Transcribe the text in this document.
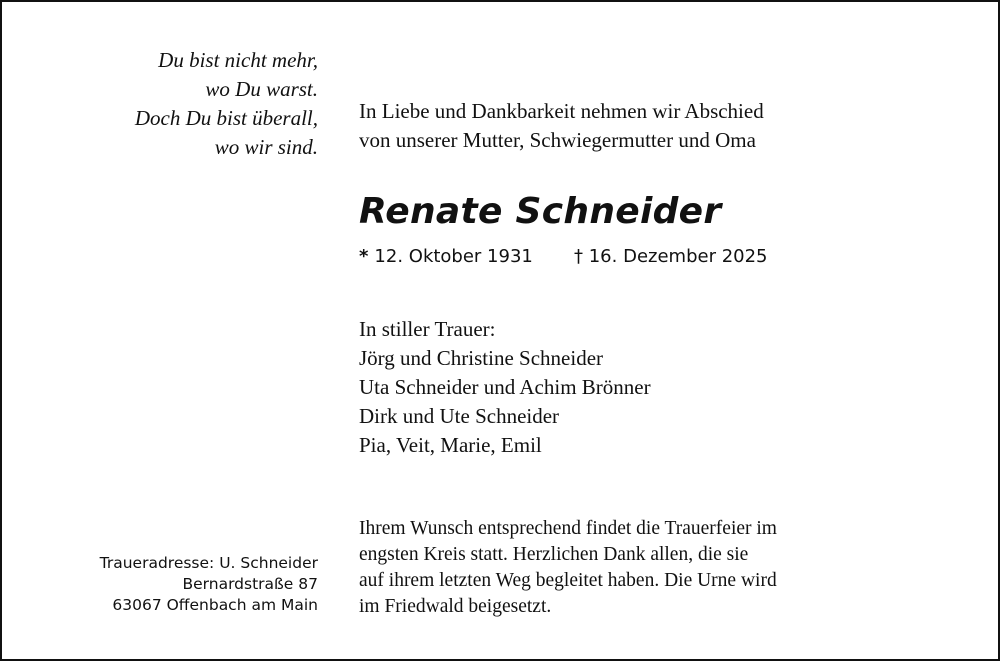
Du bist nicht mehr,
wo Du warst.
Doch Du bist überall,
wo wir sind.
In Liebe und Dankbarkeit nehmen wir Abschied
von unserer Mutter, Schwiegermutter und Oma
Renate Schneider
* 12. Oktober 1931 † 16. Dezember 2025
In stiller Trauer:
Jörg und Christine Schneider
Uta Schneider und Achim Brönner
Dirk und Ute Schneider
Pia, Veit, Marie, Emil
Traueradresse: U. Schneider
Bernardstraße 87
63067 Offenbach am Main
Ihrem Wunsch entsprechend findet die Trauerfeier im
engsten Kreis statt. Herzlichen Dank allen, die sie
auf ihrem letzten Weg begleitet haben. Die Urne wird
im Friedwald beigesetzt.
